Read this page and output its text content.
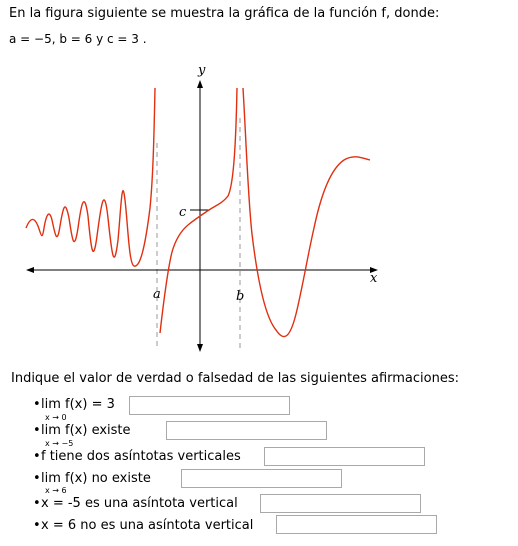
En la figura siguiente se muestra la gráfica de la función f, donde:
a = −5, b = 6 y c = 3 .
y
x
a	b
c
Indique el valor de verdad o falsedad de las siguientes afirmaciones:
•lim f(x) = 3
x → 0
•lim f(x) existe
x → −5
•f tiene dos asíntotas verticales
•lim f(x) no existe
x → 6
•x = -5 es una asíntota vertical
•x = 6 no es una asíntota vertical
